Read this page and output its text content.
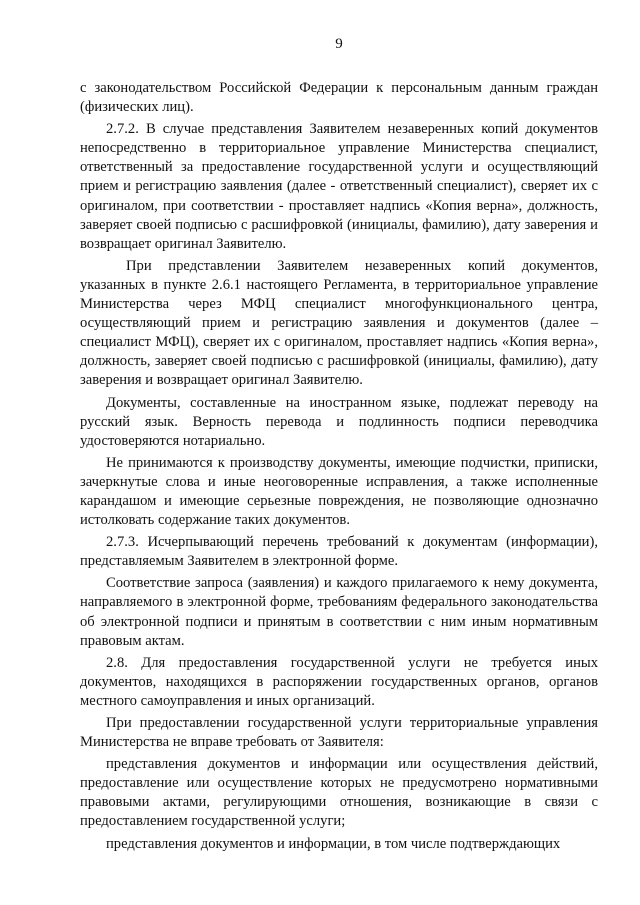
9

с законодательством Российской Федерации к персональным данным граждан (физических лиц).

2.7.2. В случае представления Заявителем незаверенных копий документов непосредственно в территориальное управление Министерства специалист, ответственный за предоставление государственной услуги и осуществляющий прием и регистрацию заявления (далее - ответственный специалист), сверяет их с оригиналом, при соответствии - проставляет надпись «Копия верна», должность, заверяет своей подписью с расшифровкой (инициалы, фамилию), дату заверения и возвращает оригинал Заявителю.

При представлении Заявителем незаверенных копий документов, указанных в пункте 2.6.1 настоящего Регламента, в территориальное управление Министерства через МФЦ специалист многофункционального центра, осуществляющий прием и регистрацию заявления и документов (далее – специалист МФЦ), сверяет их с оригиналом, проставляет надпись «Копия верна», должность, заверяет своей подписью с расшифровкой (инициалы, фамилию), дату заверения и возвращает оригинал Заявителю.

Документы, составленные на иностранном языке, подлежат переводу на русский язык. Верность перевода и подлинность подписи переводчика удостоверяются нотариально.

Не принимаются к производству документы, имеющие подчистки, приписки, зачеркнутые слова и иные неоговоренные исправления, а также исполненные карандашом и имеющие серьезные повреждения, не позволяющие однозначно истолковать содержание таких документов.

2.7.3. Исчерпывающий перечень требований к документам (информации), представляемым Заявителем в электронной форме.

Соответствие запроса (заявления) и каждого прилагаемого к нему документа, направляемого в электронной форме, требованиям федерального законодательства об электронной подписи и принятым в соответствии с ним иным нормативным правовым актам.

2.8. Для предоставления государственной услуги не требуется иных документов, находящихся в распоряжении государственных органов, органов местного самоуправления и иных организаций.

При предоставлении государственной услуги территориальные управления Министерства не вправе требовать от Заявителя:

представления документов и информации или осуществления действий, предоставление или осуществление которых не предусмотрено нормативными правовыми актами, регулирующими отношения, возникающие в связи с предоставлением государственной услуги;

представления документов и информации, в том числе подтверждающих
